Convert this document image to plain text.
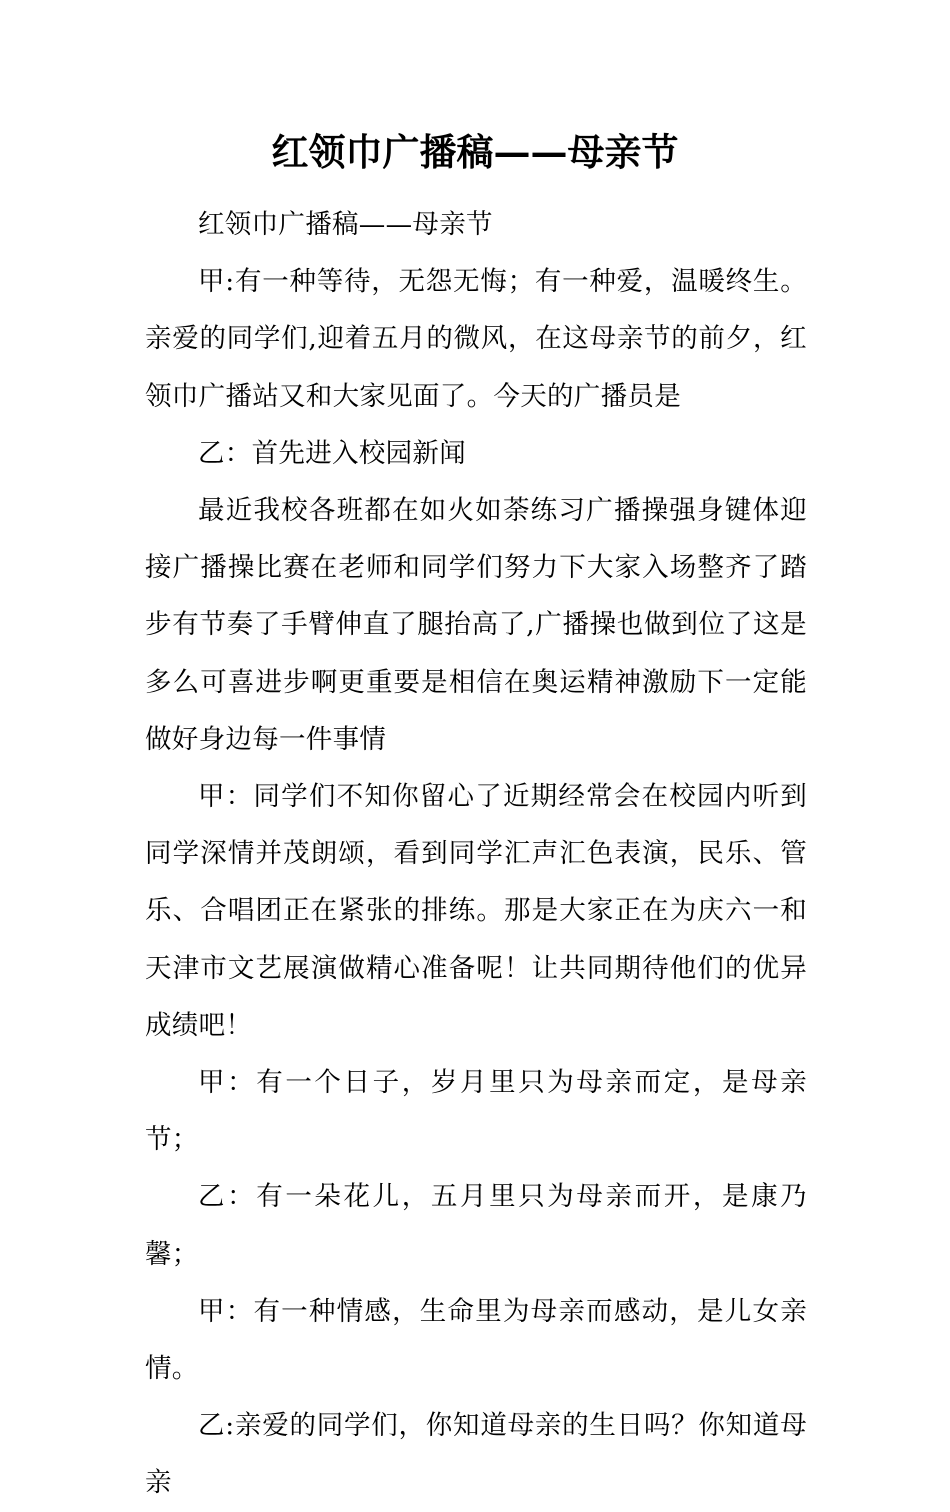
红领巾广播稿——母亲节

红领巾广播稿——母亲节

甲:有一种等待，无怨无悔；有一种爱，温暖终生。亲爱的同学们,迎着五月的微风，在这母亲节的前夕，红领巾广播站又和大家见面了。今天的广播员是

乙：首先进入校园新闻

最近我校各班都在如火如荼练习广播操强身键体迎接广播操比赛在老师和同学们努力下大家入场整齐了踏步有节奏了手臂伸直了腿抬高了,广播操也做到位了这是多么可喜进步啊更重要是相信在奥运精神激励下一定能做好身边每一件事情

甲：同学们不知你留心了近期经常会在校园内听到同学深情并茂朗颂，看到同学汇声汇色表演，民乐、管乐、合唱团正在紧张的排练。那是大家正在为庆六一和天津市文艺展演做精心准备呢！让共同期待他们的优异成绩吧！

甲：有一个日子，岁月里只为母亲而定，是母亲节；

乙：有一朵花儿，五月里只为母亲而开，是康乃馨；

甲：有一种情感，生命里为母亲而感动，是儿女亲情。

乙:亲爱的同学们，你知道母亲的生日吗？你知道母亲
